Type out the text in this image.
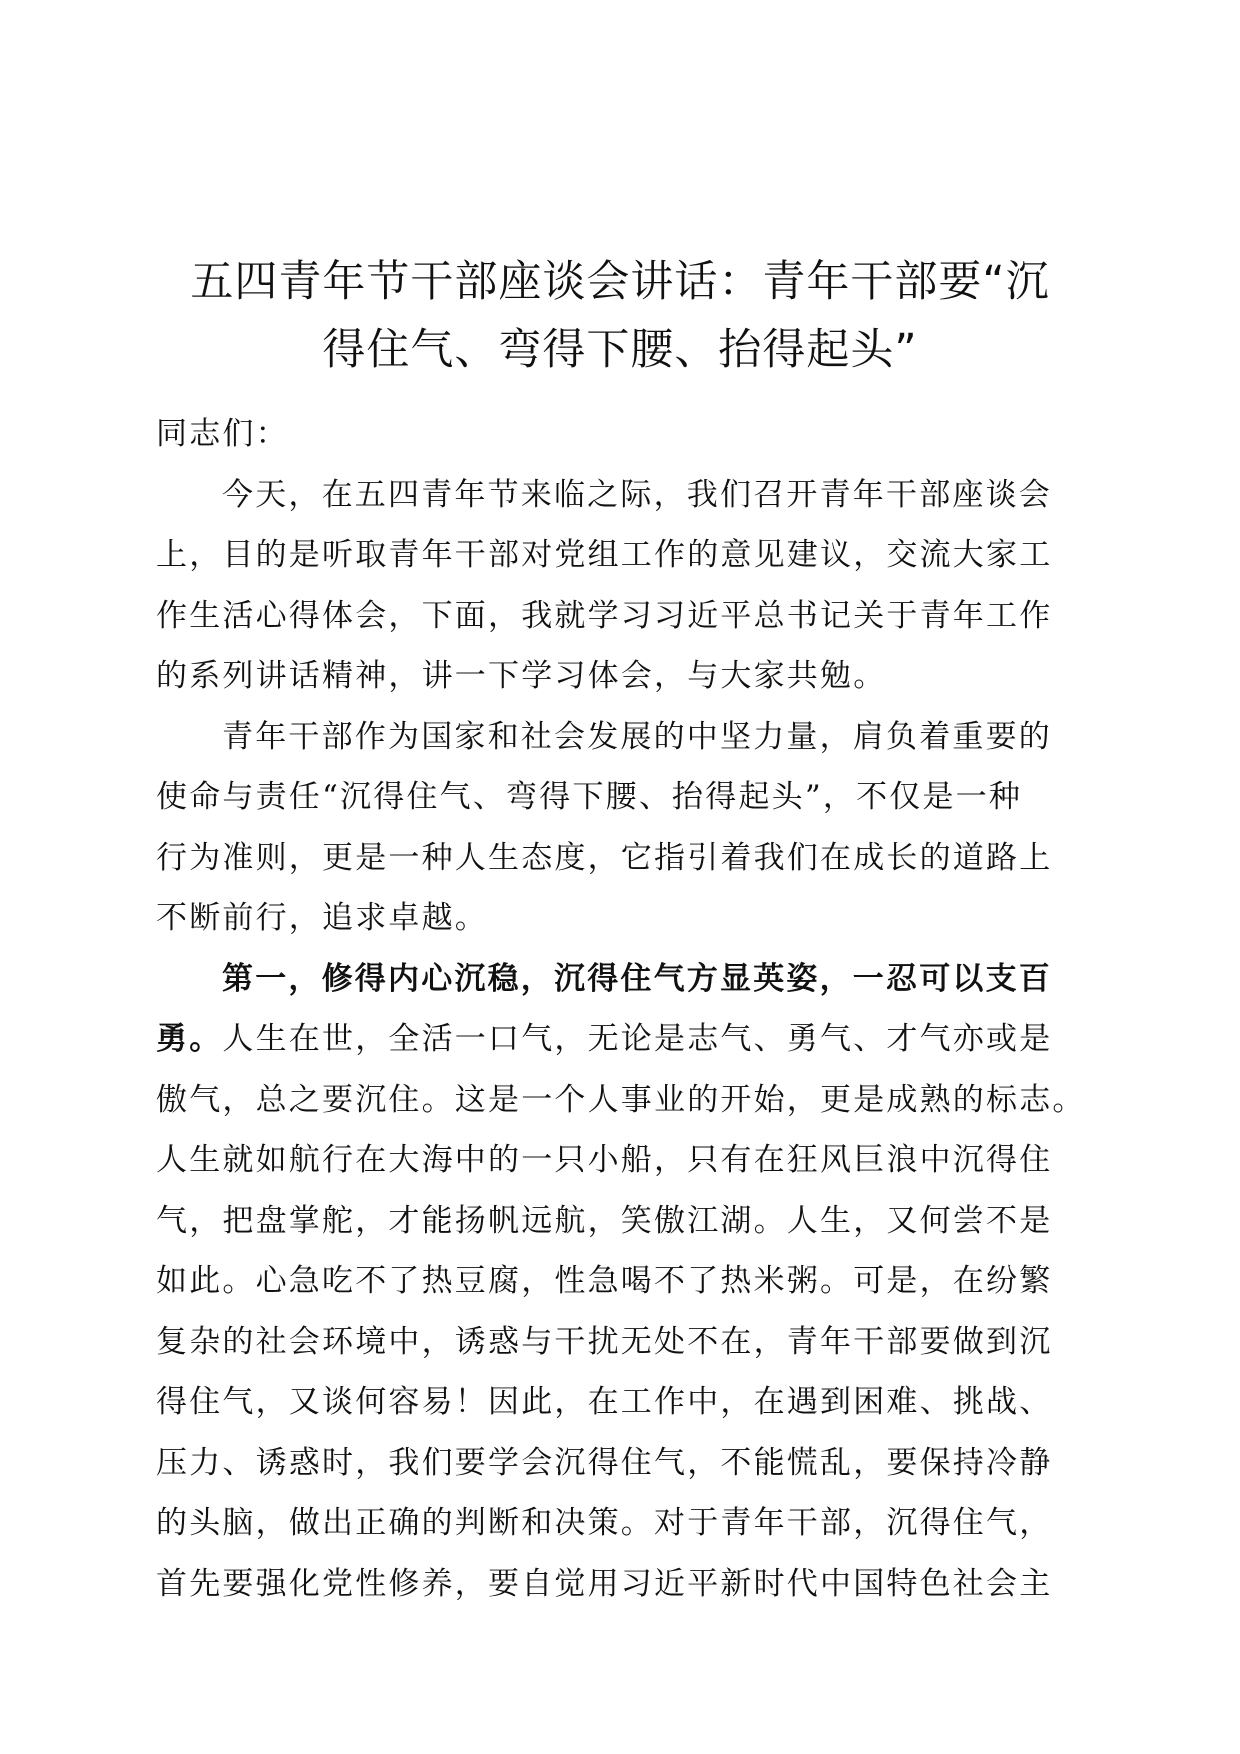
五四青年节干部座谈会讲话：青年干部要“沉
得住气、弯得下腰、抬得起头”

同志们：

今天，在五四青年节来临之际，我们召开青年干部座谈会
上，目的是听取青年干部对党组工作的意见建议，交流大家工
作生活心得体会，下面，我就学习习近平总书记关于青年工作
的系列讲话精神，讲一下学习体会，与大家共勉。
青年干部作为国家和社会发展的中坚力量，肩负着重要的
使命与责任“沉得住气、弯得下腰、抬得起头”，不仅是一种
行为准则，更是一种人生态度，它指引着我们在成长的道路上
不断前行，追求卓越。
第一，修得内心沉稳，沉得住气方显英姿，一忍可以支百
勇。人生在世，全活一口气，无论是志气、勇气、才气亦或是
傲气，总之要沉住。这是一个人事业的开始，更是成熟的标志。
人生就如航行在大海中的一只小船，只有在狂风巨浪中沉得住
气，把盘掌舵，才能扬帆远航，笑傲江湖。人生，又何尝不是
如此。心急吃不了热豆腐，性急喝不了热米粥。可是，在纷繁
复杂的社会环境中，诱惑与干扰无处不在，青年干部要做到沉
得住气，又谈何容易！因此，在工作中，在遇到困难、挑战、
压力、诱惑时，我们要学会沉得住气，不能慌乱，要保持冷静
的头脑，做出正确的判断和决策。对于青年干部，沉得住气，
首先要强化党性修养，要自觉用习近平新时代中国特色社会主
